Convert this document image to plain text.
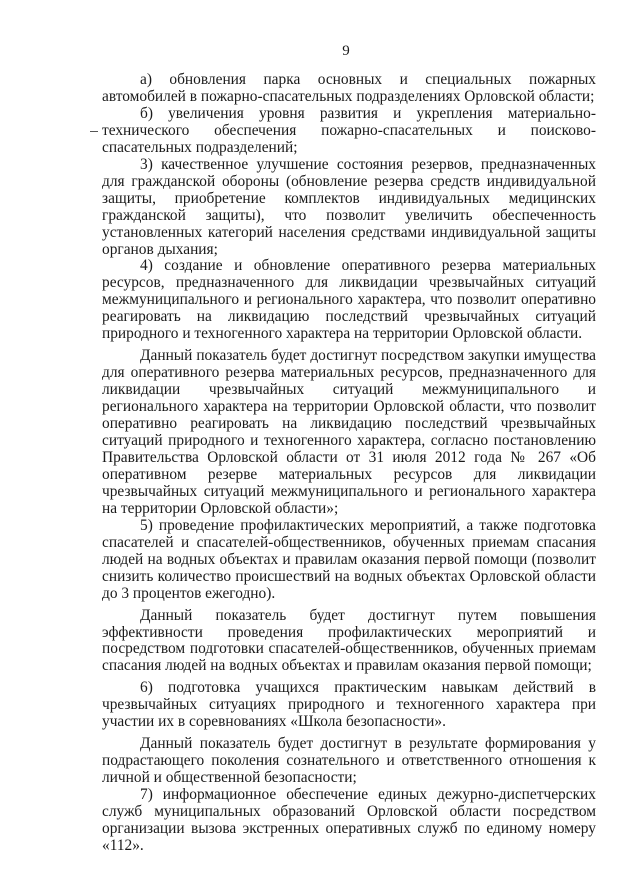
9

а) обновления парка основных и специальных пожарных автомобилей в пожарно-спасательных подразделениях Орловской области;

б) увеличения уровня развития и укрепления материально-технического обеспечения пожарно-спасательных и поисково-спасательных подразделений;

3) качественное улучшение состояния резервов, предназначенных для гражданской обороны (обновление резерва средств индивидуальной защиты, приобретение комплектов индивидуальных медицинских гражданской защиты), что позволит увеличить обеспеченность установленных категорий населения средствами индивидуальной защиты органов дыхания;

4) создание и обновление оперативного резерва материальных ресурсов, предназначенного для ликвидации чрезвычайных ситуаций межмуниципального и регионального характера, что позволит оперативно реагировать на ликвидацию последствий чрезвычайных ситуаций природного и техногенного характера на территории Орловской области.

Данный показатель будет достигнут посредством закупки имущества для оперативного резерва материальных ресурсов, предназначенного для ликвидации чрезвычайных ситуаций межмуниципального и регионального характера на территории Орловской области, что позволит оперативно реагировать на ликвидацию последствий чрезвычайных ситуаций природного и техногенного характера, согласно постановлению Правительства Орловской области от 31 июля 2012 года № 267 «Об оперативном резерве материальных ресурсов для ликвидации чрезвычайных ситуаций межмуниципального и регионального характера на территории Орловской области»;

5) проведение профилактических мероприятий, а также подготовка спасателей и спасателей-общественников, обученных приемам спасания людей на водных объектах и правилам оказания первой помощи (позволит снизить количество происшествий на водных объектах Орловской области до 3 процентов ежегодно).

Данный показатель будет достигнут путем повышения эффективности проведения профилактических мероприятий и посредством подготовки спасателей-общественников, обученных приемам спасания людей на водных объектах и правилам оказания первой помощи;

6) подготовка учащихся практическим навыкам действий в чрезвычайных ситуациях природного и техногенного характера при участии их в соревнованиях «Школа безопасности».

Данный показатель будет достигнут в результате формирования у подрастающего поколения сознательного и ответственного отношения к личной и общественной безопасности;

7) информационное обеспечение единых дежурно-диспетчерских служб муниципальных образований Орловской области посредством организации вызова экстренных оперативных служб по единому номеру «112».
